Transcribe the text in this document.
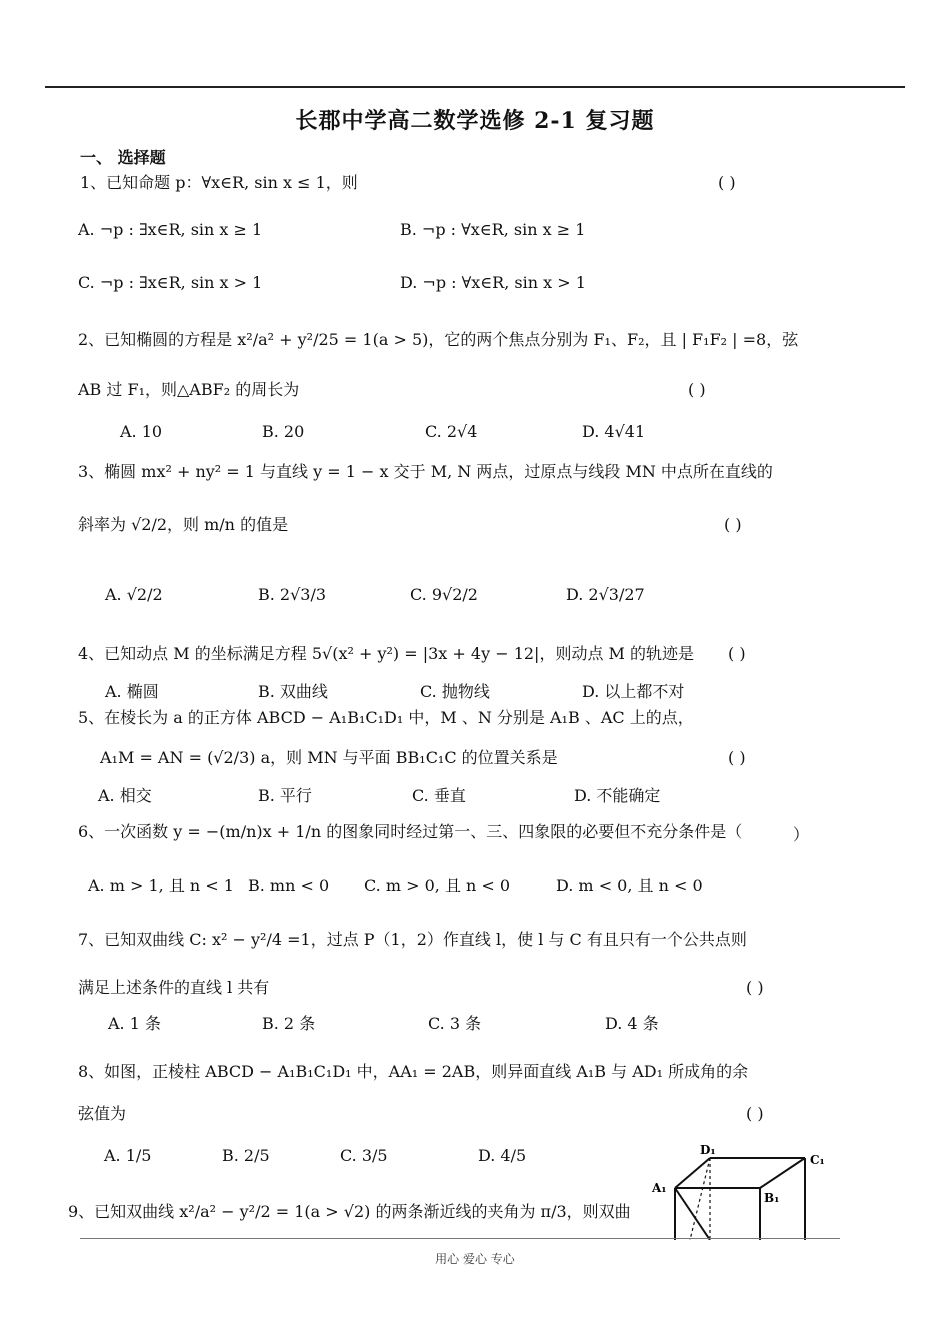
长郡中学高二数学选修 2-1 复习题
一、 选择题
1、已知命题 p：∀x∈R, sin x ≤ 1，则	( )
A. ¬p : ∃x∈R, sin x ≥ 1	B. ¬p : ∀x∈R, sin x ≥ 1
C. ¬p : ∃x∈R, sin x > 1	D. ¬p : ∀x∈R, sin x > 1
2、已知椭圆的方程是 x²/a² + y²/25 = 1(a > 5)，它的两个焦点分别为 F₁、F₂，且 | F₁F₂ | =8，弦
AB 过 F₁，则△ABF₂ 的周长为	( )
A. 10	B. 20	C. 2√4	D. 4√41
3、椭圆 mx² + ny² = 1 与直线 y = 1 − x 交于 M, N 两点，过原点与线段 MN 中点所在直线的
斜率为 √2/2，则 m/n 的值是	( )
A. √2/2	B. 2√3/3	C. 9√2/2	D. 2√3/27
4、已知动点 M 的坐标满足方程 5√(x² + y²) = |3x + 4y − 12|，则动点 M 的轨迹是 ( )
A. 椭圆	B. 双曲线	C. 抛物线	D. 以上都不对
5、在棱长为 a 的正方体 ABCD − A₁B₁C₁D₁ 中，M 、N 分别是 A₁B 、AC 上的点，
A₁M = AN = (√2/3) a，则 MN 与平面 BB₁C₁C 的位置关系是	( )
A. 相交	B. 平行	C. 垂直	D. 不能确定
6、一次函数 y = −(m/n)x + 1/n 的图象同时经过第一、三、四象限的必要但不充分条件是（	）
A. m > 1, 且 n < 1 B. mn < 0 C. m > 0, 且 n < 0	D. m < 0, 且 n < 0
7、已知双曲线 C: x² − y²/4 =1，过点 P（1，2）作直线 l，使 l 与 C 有且只有一个公共点则
满足上述条件的直线 l 共有	( )
A. 1 条	B. 2 条	C. 3 条	D. 4 条
8、如图，正棱柱 ABCD − A₁B₁C₁D₁ 中，AA₁ = 2AB，则异面直线 A₁B 与 AD₁ 所成角的余
弦值为	( )
A. 1/5	B. 2/5	C. 3/5	D. 4/5
9、已知双曲线 x²/a² − y²/2 = 1(a > √2) 的两条渐近线的夹角为 π/3，则双曲
D₁
C₁
A₁
B₁
用心 爱心 专心
